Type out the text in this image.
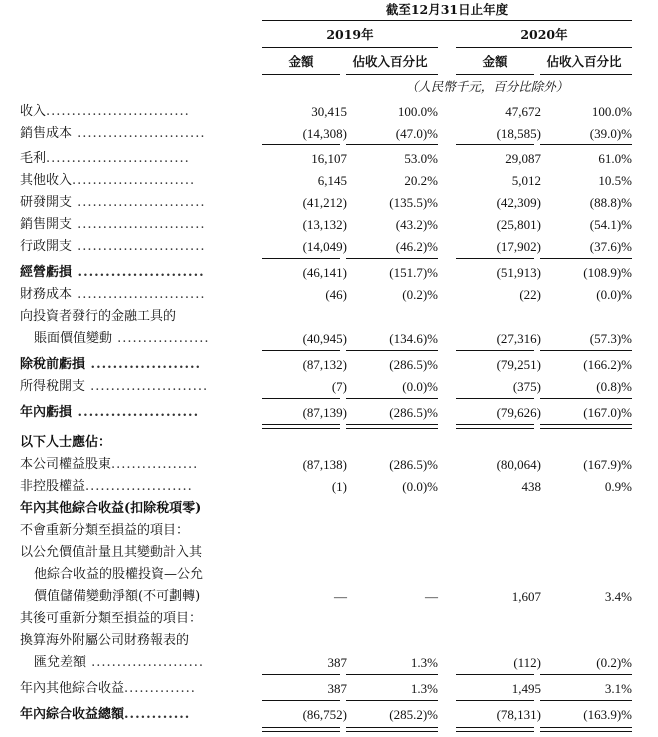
截至12月31日止年度
2019年	2020年
金額	佔收入百分比	金額	佔收入百分比
（人民幣千元，百分比除外）
收入............................	30,415	100.0%	47,672	100.0%
銷售成本 .........................	(14,308)	(47.0)%	(18,585)	(39.0)%
毛利............................	16,107	53.0%	29,087	61.0%
其他收入........................	6,145	20.2%	5,012	10.5%
研發開支 .........................	(41,212)	(135.5)%	(42,309)	(88.8)%
銷售開支 .........................	(13,132)	(43.2)%	(25,801)	(54.1)%
行政開支 .........................	(14,049)	(46.2)%	(17,902)	(37.6)%
經營虧損 .......................	(46,141)	(151.7)%	(51,913)	(108.9)%
財務成本 .........................	(46)	(0.2)%	(22)	(0.0)%
向投資者發行的金融工具的
賬面價值變動 ..................	(40,945)	(134.6)%	(27,316)	(57.3)%
除稅前虧損 ....................	(87,132)	(286.5)%	(79,251)	(166.2)%
所得稅開支 .......................	(7)	(0.0)%	(375)	(0.8)%
年內虧損 ......................	(87,139)	(286.5)%	(79,626)	(167.0)%
以下人士應佔：
本公司權益股東.................	(87,138)	(286.5)%	(80,064)	(167.9)%
非控股權益.....................	(1)	(0.0)%	438	0.9%
年內其他綜合收益(扣除稅項零)
不會重新分類至損益的項目：
以公允價值計量且其變動計入其
他綜合收益的股權投資—公允
價值儲備變動淨額(不可劃轉)	—	—	1,607	3.4%
其後可重新分類至損益的項目：
換算海外附屬公司財務報表的
匯兌差額 ......................	387	1.3%	(112)	(0.2)%
年內其他綜合收益..............	387	1.3%	1,495	3.1%
年內綜合收益總額............	(86,752)	(285.2)%	(78,131)	(163.9)%
